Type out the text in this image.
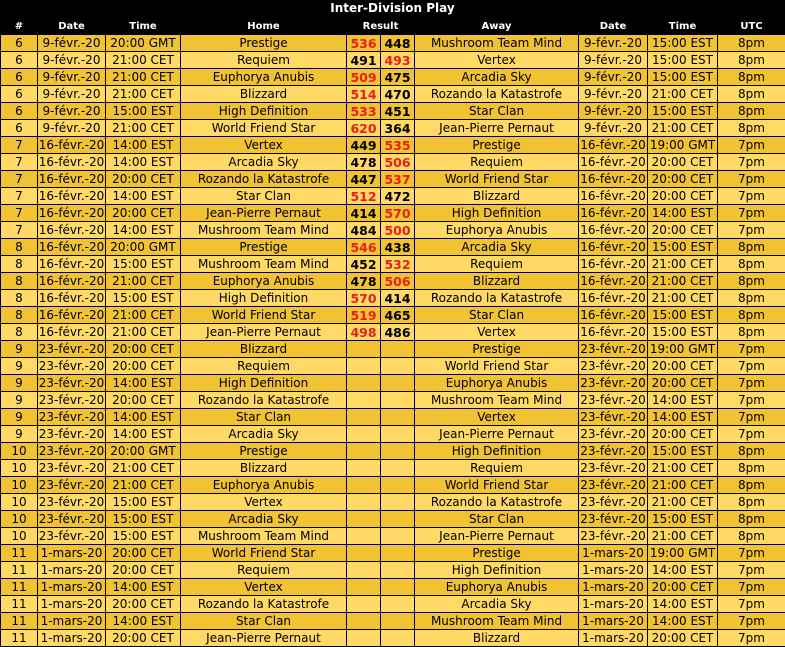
Inter-Division Play
#	Date	Time	Home	Result		Away	Date	Time	UTC
6	9-févr.-20	20:00 GMT	Prestige	536	448	Mushroom Team Mind	9-févr.-20	15:00 EST	8pm
6	9-févr.-20	21:00 CET	Requiem	491	493	Vertex	9-févr.-20	15:00 EST	8pm
6	9-févr.-20	21:00 CET	Euphorya Anubis	509	475	Arcadia Sky	9-févr.-20	15:00 EST	8pm
6	9-févr.-20	21:00 CET	Blizzard	514	470	Rozando la Katastrofe	9-févr.-20	21:00 CET	8pm
6	9-févr.-20	15:00 EST	High Definition	533	451	Star Clan	9-févr.-20	15:00 EST	8pm
6	9-févr.-20	21:00 CET	World Friend Star	620	364	Jean-Pierre Pernaut	9-févr.-20	21:00 CET	8pm
7	16-févr.-20	14:00 EST	Vertex	449	535	Prestige	16-févr.-20	19:00 GMT	7pm
7	16-févr.-20	14:00 EST	Arcadia Sky	478	506	Requiem	16-févr.-20	20:00 CET	7pm
7	16-févr.-20	20:00 CET	Rozando la Katastrofe	447	537	World Friend Star	16-févr.-20	20:00 CET	7pm
7	16-févr.-20	14:00 EST	Star Clan	512	472	Blizzard	16-févr.-20	20:00 CET	7pm
7	16-févr.-20	20:00 CET	Jean-Pierre Pernaut	414	570	High Definition	16-févr.-20	14:00 EST	7pm
7	16-févr.-20	14:00 EST	Mushroom Team Mind	484	500	Euphorya Anubis	16-févr.-20	20:00 CET	7pm
8	16-févr.-20	20:00 GMT	Prestige	546	438	Arcadia Sky	16-févr.-20	15:00 EST	8pm
8	16-févr.-20	15:00 EST	Mushroom Team Mind	452	532	Requiem	16-févr.-20	21:00 CET	8pm
8	16-févr.-20	21:00 CET	Euphorya Anubis	478	506	Blizzard	16-févr.-20	21:00 CET	8pm
8	16-févr.-20	15:00 EST	High Definition	570	414	Rozando la Katastrofe	16-févr.-20	21:00 CET	8pm
8	16-févr.-20	21:00 CET	World Friend Star	519	465	Star Clan	16-févr.-20	15:00 EST	8pm
8	16-févr.-20	21:00 CET	Jean-Pierre Pernaut	498	486	Vertex	16-févr.-20	15:00 EST	8pm
9	23-févr.-20	20:00 CET	Blizzard			Prestige	23-févr.-20	19:00 GMT	7pm
9	23-févr.-20	20:00 CET	Requiem			World Friend Star	23-févr.-20	20:00 CET	7pm
9	23-févr.-20	14:00 EST	High Definition			Euphorya Anubis	23-févr.-20	20:00 CET	7pm
9	23-févr.-20	20:00 CET	Rozando la Katastrofe			Mushroom Team Mind	23-févr.-20	14:00 EST	7pm
9	23-févr.-20	14:00 EST	Star Clan			Vertex	23-févr.-20	14:00 EST	7pm
9	23-févr.-20	14:00 EST	Arcadia Sky			Jean-Pierre Pernaut	23-févr.-20	20:00 CET	7pm
10	23-févr.-20	20:00 GMT	Prestige			High Definition	23-févr.-20	15:00 EST	8pm
10	23-févr.-20	21:00 CET	Blizzard			Requiem	23-févr.-20	21:00 CET	8pm
10	23-févr.-20	21:00 CET	Euphorya Anubis			World Friend Star	23-févr.-20	21:00 CET	8pm
10	23-févr.-20	15:00 EST	Vertex			Rozando la Katastrofe	23-févr.-20	21:00 CET	8pm
10	23-févr.-20	15:00 EST	Arcadia Sky			Star Clan	23-févr.-20	15:00 EST	8pm
10	23-févr.-20	15:00 EST	Mushroom Team Mind			Jean-Pierre Pernaut	23-févr.-20	21:00 CET	8pm
11	1-mars-20	20:00 CET	World Friend Star			Prestige	1-mars-20	19:00 GMT	7pm
11	1-mars-20	20:00 CET	Requiem			High Definition	1-mars-20	14:00 EST	7pm
11	1-mars-20	14:00 EST	Vertex			Euphorya Anubis	1-mars-20	20:00 CET	7pm
11	1-mars-20	20:00 CET	Rozando la Katastrofe			Arcadia Sky	1-mars-20	14:00 EST	7pm
11	1-mars-20	14:00 EST	Star Clan			Mushroom Team Mind	1-mars-20	14:00 EST	7pm
11	1-mars-20	20:00 CET	Jean-Pierre Pernaut			Blizzard	1-mars-20	20:00 CET	7pm
